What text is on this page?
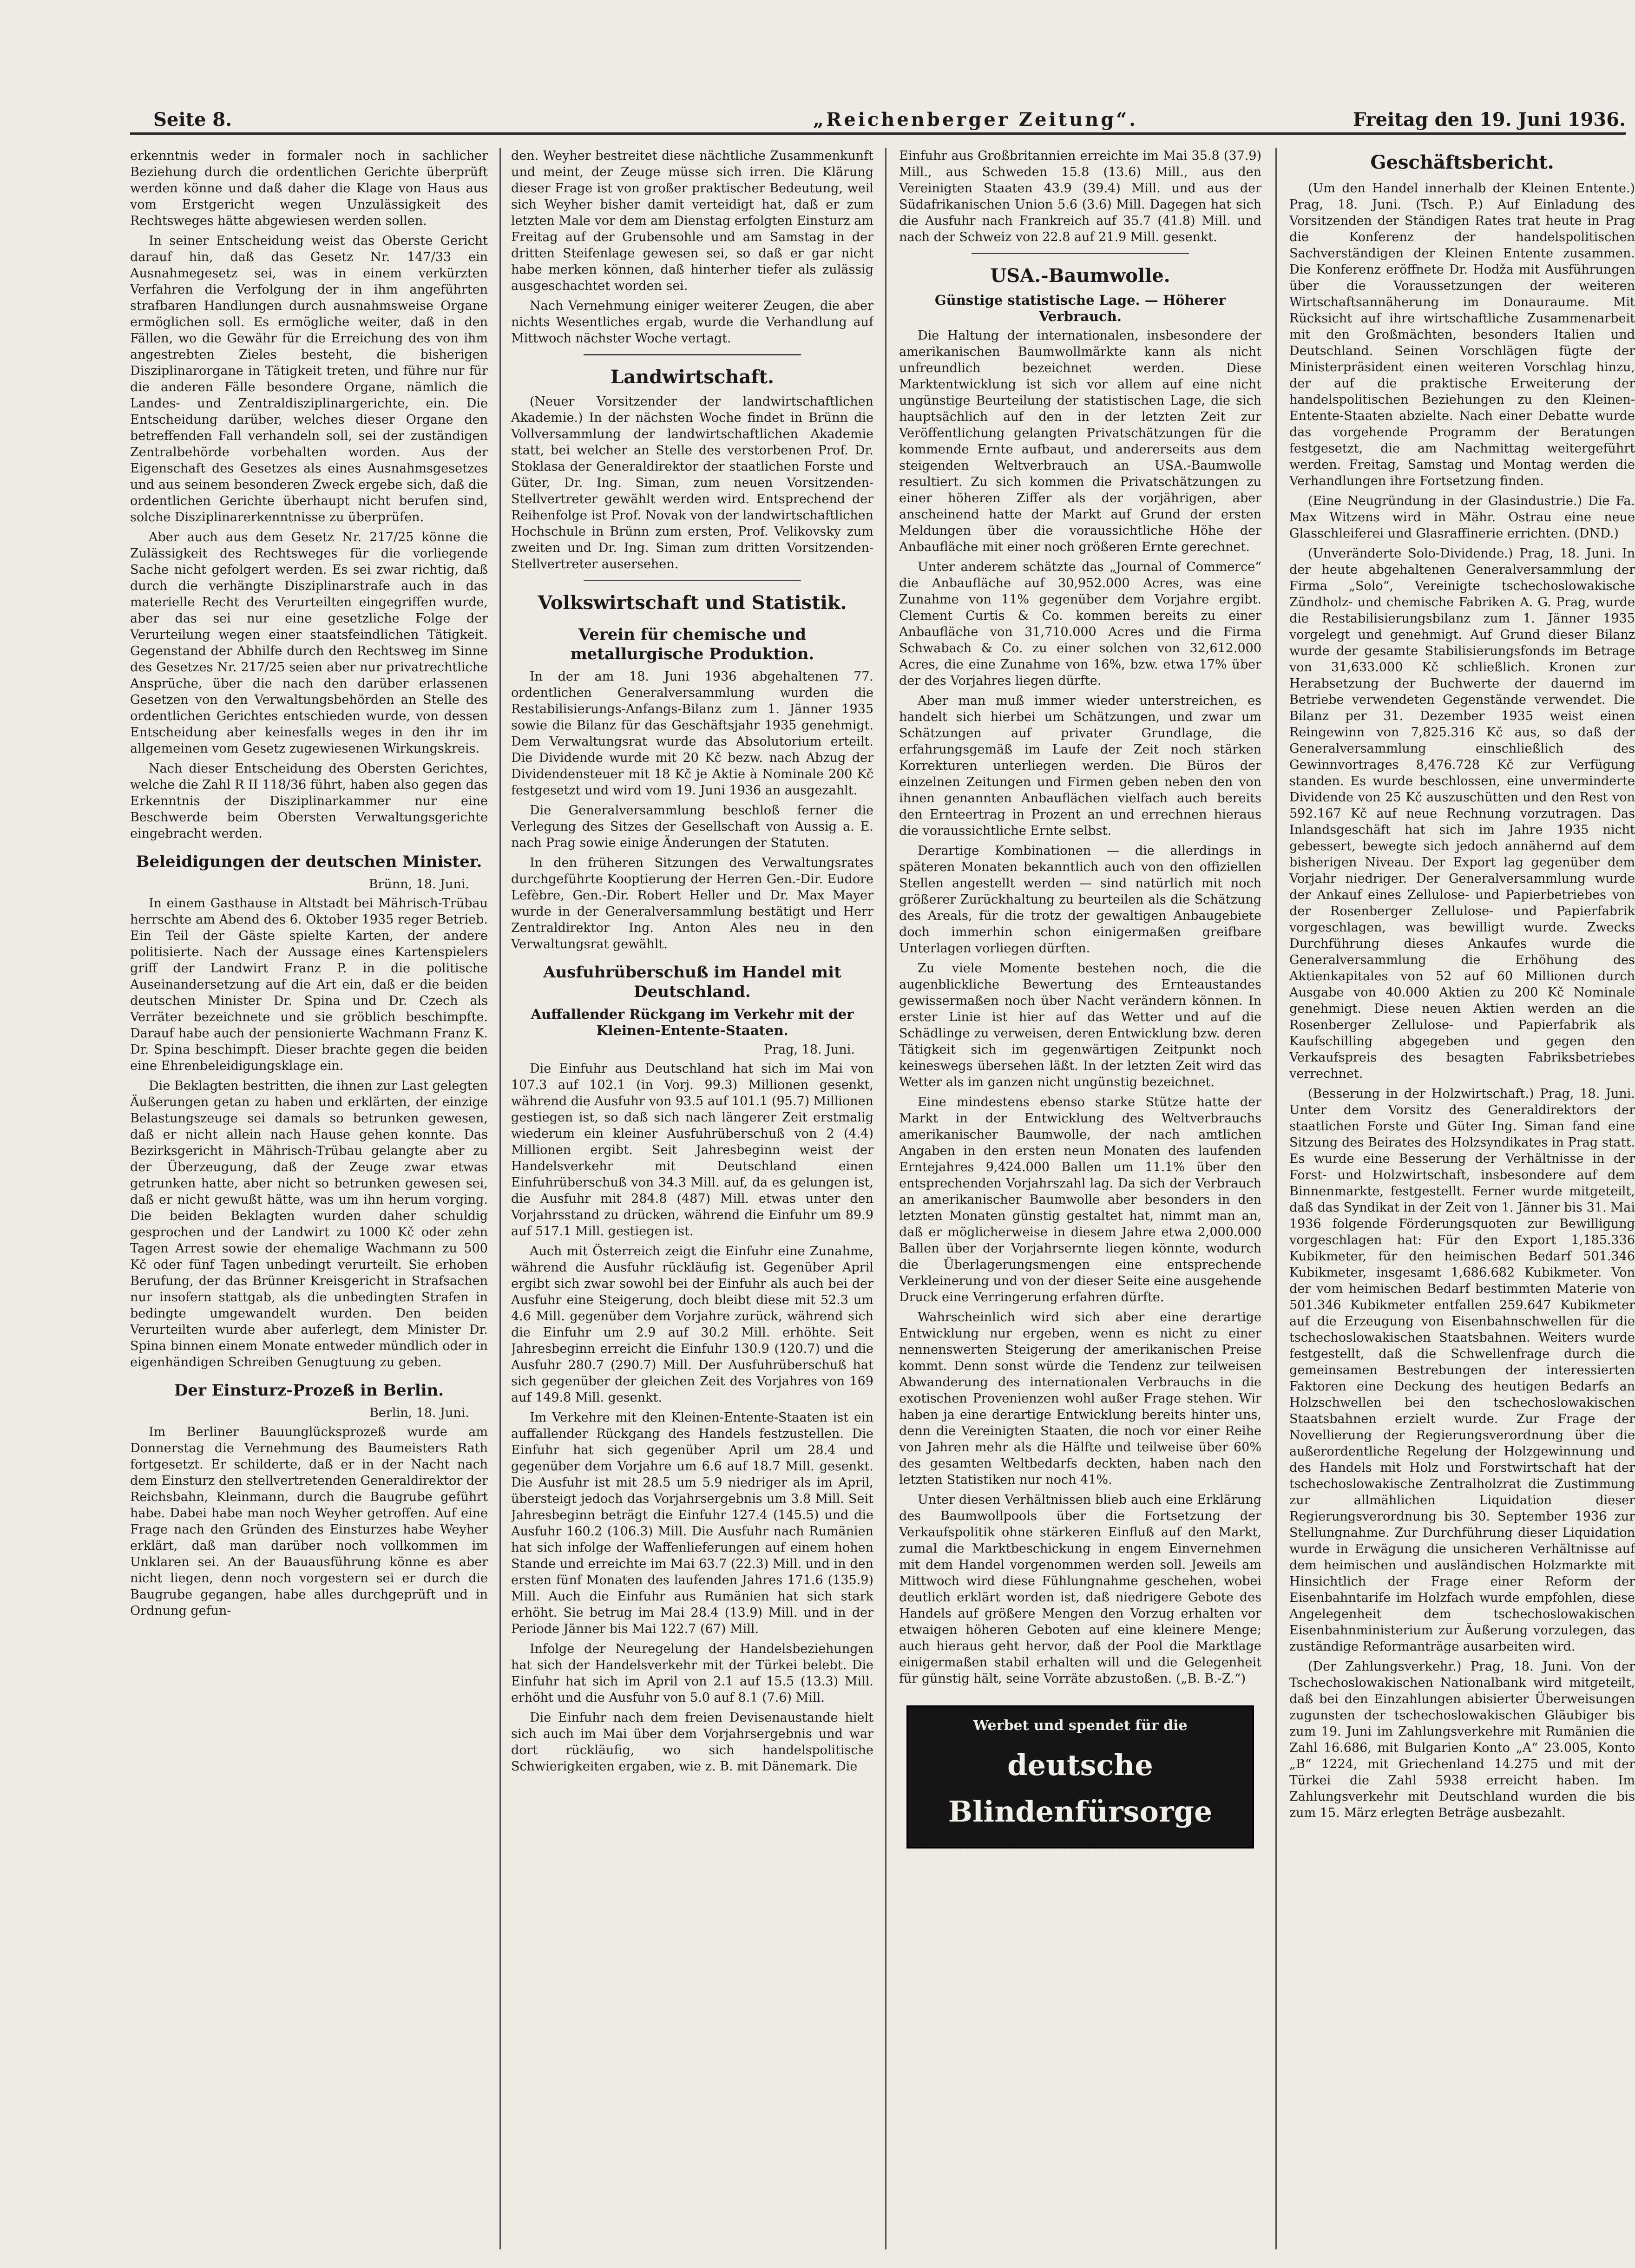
Seite 8.	„Reichenberger Zeitung“.	Freitag den 19. Juni 1936.

erkenntnis weder in formaler noch in sachlicher Beziehung durch die ordentlichen Gerichte überprüft werden könne und daß daher die Klage von Haus aus vom Erstgericht wegen Unzulässigkeit des Rechtsweges hätte abgewiesen werden sollen.

In seiner Entscheidung weist das Oberste Gericht darauf hin, daß das Gesetz Nr. 147/33 ein Ausnahmegesetz sei, was in einem verkürzten Verfahren die Verfolgung der in ihm angeführten strafbaren Handlungen durch ausnahmsweise Organe ermöglichen soll. Es ermögliche weiter, daß in den Fällen, wo die Gewähr für die Erreichung des von ihm angestrebten Zieles besteht, die bisherigen Disziplinarorgane in Tätigkeit treten, und führe nur für die anderen Fälle besondere Organe, nämlich die Landes- und Zentraldisziplinargerichte, ein. Die Entscheidung darüber, welches dieser Organe den betreffenden Fall verhandeln soll, sei der zuständigen Zentralbehörde vorbehalten worden. Aus der Eigenschaft des Gesetzes als eines Ausnahmsgesetzes und aus seinem besonderen Zweck ergebe sich, daß die ordentlichen Gerichte überhaupt nicht berufen sind, solche Disziplinarerkenntnisse zu überprüfen.

Aber auch aus dem Gesetz Nr. 217/25 könne die Zulässigkeit des Rechtsweges für die vorliegende Sache nicht gefolgert werden. Es sei zwar richtig, daß durch die verhängte Disziplinarstrafe auch in das materielle Recht des Verurteilten eingegriffen wurde, aber das sei nur eine gesetzliche Folge der Verurteilung wegen einer staatsfeindlichen Tätigkeit. Gegenstand der Abhilfe durch den Rechtsweg im Sinne des Gesetzes Nr. 217/25 seien aber nur privatrechtliche Ansprüche, über die nach den darüber erlassenen Gesetzen von den Verwaltungsbehörden an Stelle des ordentlichen Gerichtes entschieden wurde, von dessen Entscheidung aber keinesfalls weges in den ihr im allgemeinen vom Gesetz zugewiesenen Wirkungskreis.

Nach dieser Entscheidung des Obersten Gerichtes, welche die Zahl R II 118/36 führt, haben also gegen das Erkenntnis der Disziplinarkammer nur eine Beschwerde beim Obersten Verwaltungsgerichte eingebracht werden.

Beleidigungen der deutschen Minister.
Brünn, 18. Juni.

In einem Gasthause in Altstadt bei Mährisch-Trübau herrschte am Abend des 6. Oktober 1935 reger Betrieb. Ein Teil der Gäste spielte Karten, der andere politisierte. Nach der Aussage eines Kartenspielers griff der Landwirt Franz P. in die politische Auseinandersetzung auf die Art ein, daß er die beiden deutschen Minister Dr. Spina und Dr. Czech als Verräter bezeichnete und sie gröblich beschimpfte. Darauf habe auch der pensionierte Wachmann Franz K. Dr. Spina beschimpft. Dieser brachte gegen die beiden eine Ehrenbeleidigungsklage ein.

Die Beklagten bestritten, die ihnen zur Last gelegten Äußerungen getan zu haben und erklärten, der einzige Belastungszeuge sei damals so betrunken gewesen, daß er nicht allein nach Hause gehen konnte. Das Bezirksgericht in Mährisch-Trübau gelangte aber zu der Überzeugung, daß der Zeuge zwar etwas getrunken hatte, aber nicht so betrunken gewesen sei, daß er nicht gewußt hätte, was um ihn herum vorging. Die beiden Beklagten wurden daher schuldig gesprochen und der Landwirt zu 1000 Kč oder zehn Tagen Arrest sowie der ehemalige Wachmann zu 500 Kč oder fünf Tagen unbedingt verurteilt. Sie erhoben Berufung, der das Brünner Kreisgericht in Strafsachen nur insofern stattgab, als die unbedingten Strafen in bedingte umgewandelt wurden. Den beiden Verurteilten wurde aber auferlegt, dem Minister Dr. Spina binnen einem Monate entweder mündlich oder in eigenhändigen Schreiben Genugtuung zu geben.

Der Einsturz-Prozeß in Berlin.
Berlin, 18. Juni.

Im Berliner Bauunglücksprozeß wurde am Donnerstag die Vernehmung des Baumeisters Rath fortgesetzt. Er schilderte, daß er in der Nacht nach dem Einsturz den stellvertretenden Generaldirektor der Reichsbahn, Kleinmann, durch die Baugrube geführt habe. Dabei habe man noch Weyher getroffen. Auf eine Frage nach den Gründen des Einsturzes habe Weyher erklärt, daß man darüber noch vollkommen im Unklaren sei. An der Bauausführung könne es aber nicht liegen, denn noch vorgestern sei er durch die Baugrube gegangen, habe alles durchgeprüft und in Ordnung gefun-

den. Weyher bestreitet diese nächtliche Zusammenkunft und meint, der Zeuge müsse sich irren. Die Klärung dieser Frage ist von großer praktischer Bedeutung, weil sich Weyher bisher damit verteidigt hat, daß er zum letzten Male vor dem am Dienstag erfolgten Einsturz am Freitag auf der Grubensohle und am Samstag in der dritten Steifenlage gewesen sei, so daß er gar nicht habe merken können, daß hinterher tiefer als zulässig ausgeschachtet worden sei.

Nach Vernehmung einiger weiterer Zeugen, die aber nichts Wesentliches ergab, wurde die Verhandlung auf Mittwoch nächster Woche vertagt.

Landwirtschaft.

(Neuer Vorsitzender der landwirtschaftlichen Akademie.) In der nächsten Woche findet in Brünn die Vollversammlung der landwirtschaftlichen Akademie statt, bei welcher an Stelle des verstorbenen Prof. Dr. Stoklasa der Generaldirektor der staatlichen Forste und Güter, Dr. Ing. Siman, zum neuen Vorsitzenden-Stellvertreter gewählt werden wird. Entsprechend der Reihenfolge ist Prof. Novak von der landwirtschaftlichen Hochschule in Brünn zum ersten, Prof. Velikovsky zum zweiten und Dr. Ing. Siman zum dritten Vorsitzenden-Stellvertreter ausersehen.

Volkswirtschaft und Statistik.
Verein für chemische und metallurgische Produktion.

In der am 18. Juni 1936 abgehaltenen 77. ordentlichen Generalversammlung wurden die Restabilisierungs-Anfangs-Bilanz zum 1. Jänner 1935 sowie die Bilanz für das Geschäftsjahr 1935 genehmigt. Dem Verwaltungsrat wurde das Absolutorium erteilt. Die Dividende wurde mit 20 Kč bezw. nach Abzug der Dividendensteuer mit 18 Kč je Aktie à Nominale 200 Kč festgesetzt und wird vom 19. Juni 1936 an ausgezahlt.

Die Generalversammlung beschloß ferner die Verlegung des Sitzes der Gesellschaft von Aussig a. E. nach Prag sowie einige Änderungen der Statuten.

In den früheren Sitzungen des Verwaltungsrates durchgeführte Kooptierung der Herren Gen.-Dir. Eudore Lefèbre, Gen.-Dir. Robert Heller und Dr. Max Mayer wurde in der Generalversammlung bestätigt und Herr Zentraldirektor Ing. Anton Ales neu in den Verwaltungsrat gewählt.

Ausfuhrüberschuß im Handel mit Deutschland.
Auffallender Rückgang im Verkehr mit der Kleinen-Entente-Staaten.
Prag, 18. Juni.

Die Einfuhr aus Deutschland hat sich im Mai von 107.3 auf 102.1 (in Vorj. 99.3) Millionen gesenkt, während die Ausfuhr von 93.5 auf 101.1 (95.7) Millionen gestiegen ist, so daß sich nach längerer Zeit erstmalig wiederum ein kleiner Ausfuhrüberschuß von 2 (4.4) Millionen ergibt. Seit Jahresbeginn weist der Handelsverkehr mit Deutschland einen Einfuhrüberschuß von 34.3 Mill. auf, da es gelungen ist, die Ausfuhr mit 284.8 (487) Mill. etwas unter den Vorjahrsstand zu drücken, während die Einfuhr um 89.9 auf 517.1 Mill. gestiegen ist.

Auch mit Österreich zeigt die Einfuhr eine Zunahme, während die Ausfuhr rückläufig ist. Gegenüber April ergibt sich zwar sowohl bei der Einfuhr als auch bei der Ausfuhr eine Steigerung, doch bleibt diese mit 52.3 um 4.6 Mill. gegenüber dem Vorjahre zurück, während sich die Einfuhr um 2.9 auf 30.2 Mill. erhöhte. Seit Jahresbeginn erreicht die Einfuhr 130.9 (120.7) und die Ausfuhr 280.7 (290.7) Mill. Der Ausfuhrüberschuß hat sich gegenüber der gleichen Zeit des Vorjahres von 169 auf 149.8 Mill. gesenkt.

Im Verkehre mit den Kleinen-Entente-Staaten ist ein auffallender Rückgang des Handels festzustellen. Die Einfuhr hat sich gegenüber April um 28.4 und gegenüber dem Vorjahre um 6.6 auf 18.7 Mill. gesenkt. Die Ausfuhr ist mit 28.5 um 5.9 niedriger als im April, übersteigt jedoch das Vorjahrsergebnis um 3.8 Mill. Seit Jahresbeginn beträgt die Einfuhr 127.4 (145.5) und die Ausfuhr 160.2 (106.3) Mill. Die Ausfuhr nach Rumänien hat sich infolge der Waffenlieferungen auf einem hohen Stande und erreichte im Mai 63.7 (22.3) Mill. und in den ersten fünf Monaten des laufenden Jahres 171.6 (135.9) Mill. Auch die Einfuhr aus Rumänien hat sich stark erhöht. Sie betrug im Mai 28.4 (13.9) Mill. und in der Periode Jänner bis Mai 122.7 (67) Mill.

Infolge der Neuregelung der Handelsbeziehungen hat sich der Handelsverkehr mit der Türkei belebt. Die Einfuhr hat sich im April von 2.1 auf 15.5 (13.3) Mill. erhöht und die Ausfuhr von 5.0 auf 8.1 (7.6) Mill.

Die Einfuhr nach dem freien Devisenaustande hielt sich auch im Mai über dem Vorjahrsergebnis und war dort rückläufig, wo sich handelspolitische Schwierigkeiten ergaben, wie z. B. mit Dänemark. Die

Einfuhr aus Großbritannien erreichte im Mai 35.8 (37.9) Mill., aus Schweden 15.8 (13.6) Mill., aus den Vereinigten Staaten 43.9 (39.4) Mill. und aus der Südafrikanischen Union 5.6 (3.6) Mill. Dagegen hat sich die Ausfuhr nach Frankreich auf 35.7 (41.8) Mill. und nach der Schweiz von 22.8 auf 21.9 Mill. gesenkt.

USA.-Baumwolle.
Günstige statistische Lage. — Höherer Verbrauch.

Die Haltung der internationalen, insbesondere der amerikanischen Baumwollmärkte kann als nicht unfreundlich bezeichnet werden. Diese Marktentwicklung ist sich vor allem auf eine nicht ungünstige Beurteilung der statistischen Lage, die sich hauptsächlich auf den in der letzten Zeit zur Veröffentlichung gelangten Privatschätzungen für die kommende Ernte aufbaut, und andererseits aus dem steigenden Weltverbrauch an USA.-Baumwolle resultiert. Zu sich kommen die Privatschätzungen zu einer höheren Ziffer als der vorjährigen, aber anscheinend hatte der Markt auf Grund der ersten Meldungen über die voraussichtliche Höhe der Anbaufläche mit einer noch größeren Ernte gerechnet.

Unter anderem schätzte das „Journal of Commerce“ die Anbaufläche auf 30,952.000 Acres, was eine Zunahme von 11% gegenüber dem Vorjahre ergibt. Clement Curtis & Co. kommen bereits zu einer Anbaufläche von 31,710.000 Acres und die Firma Schwabach & Co. zu einer solchen von 32,612.000 Acres, die eine Zunahme von 16%, bzw. etwa 17% über der des Vorjahres liegen dürfte.

Aber man muß immer wieder unterstreichen, es handelt sich hierbei um Schätzungen, und zwar um Schätzungen auf privater Grundlage, die erfahrungsgemäß im Laufe der Zeit noch stärken Korrekturen unterliegen werden. Die Büros der einzelnen Zeitungen und Firmen geben neben den von ihnen genannten Anbauflächen vielfach auch bereits den Ernteertrag in Prozent an und errechnen hieraus die voraussichtliche Ernte selbst.

Derartige Kombinationen — die allerdings in späteren Monaten bekanntlich auch von den offiziellen Stellen angestellt werden — sind natürlich mit noch größerer Zurückhaltung zu beurteilen als die Schätzung des Areals, für die trotz der gewaltigen Anbaugebiete doch immerhin schon einigermaßen greifbare Unterlagen vorliegen dürften.

Zu viele Momente bestehen noch, die die augenblickliche Bewertung des Ernteaustandes gewissermaßen noch über Nacht verändern können. In erster Linie ist hier auf das Wetter und auf die Schädlinge zu verweisen, deren Entwicklung bzw. deren Tätigkeit sich im gegenwärtigen Zeitpunkt noch keineswegs übersehen läßt. In der letzten Zeit wird das Wetter als im ganzen nicht ungünstig bezeichnet.

Eine mindestens ebenso starke Stütze hatte der Markt in der Entwicklung des Weltverbrauchs amerikanischer Baumwolle, der nach amtlichen Angaben in den ersten neun Monaten des laufenden Erntejahres 9,424.000 Ballen um 11.1% über den entsprechenden Vorjahrszahl lag. Da sich der Verbrauch an amerikanischer Baumwolle aber besonders in den letzten Monaten günstig gestaltet hat, nimmt man an, daß er möglicherweise in diesem Jahre etwa 2,000.000 Ballen über der Vorjahrsernte liegen könnte, wodurch die Überlagerungsmengen eine entsprechende Verkleinerung und von der dieser Seite eine ausgehende Druck eine Verringerung erfahren dürfte.

Wahrscheinlich wird sich aber eine derartige Entwicklung nur ergeben, wenn es nicht zu einer nennenswerten Steigerung der amerikanischen Preise kommt. Denn sonst würde die Tendenz zur teilweisen Abwanderung des internationalen Verbrauchs in die exotischen Provenienzen wohl außer Frage stehen. Wir haben ja eine derartige Entwicklung bereits hinter uns, denn die Vereinigten Staaten, die noch vor einer Reihe von Jahren mehr als die Hälfte und teilweise über 60% des gesamten Weltbedarfs deckten, haben nach den letzten Statistiken nur noch 41%.

Unter diesen Verhältnissen blieb auch eine Erklärung des Baumwollpools über die Fortsetzung der Verkaufspolitik ohne stärkeren Einfluß auf den Markt, zumal die Marktbeschickung in engem Einvernehmen mit dem Handel vorgenommen werden soll. Jeweils am Mittwoch wird diese Fühlungnahme geschehen, wobei deutlich erklärt worden ist, daß niedrigere Gebote des Handels auf größere Mengen den Vorzug erhalten vor etwaigen höheren Geboten auf eine kleinere Menge; auch hieraus geht hervor, daß der Pool die Marktlage einigermaßen stabil erhalten will und die Gelegenheit für günstig hält, seine Vorräte abzustoßen. („B. B.-Z.“)

Werbet und spendet für die
deutsche Blindenfürsorge
Sammelstelle: Sollors'sche Buchhandlung
Geschäftsbericht.

(Um den Handel innerhalb der Kleinen Entente.) Prag, 18. Juni. (Tsch. P.) Auf Einladung des Vorsitzenden der Ständigen Rates trat heute in Prag die Konferenz der handelspolitischen Sachverständigen der Kleinen Entente zusammen. Die Konferenz eröffnete Dr. Hodža mit Ausführungen über die Voraussetzungen der weiteren Wirtschaftsannäherung im Donauraume. Mit Rücksicht auf ihre wirtschaftliche Zusammenarbeit mit den Großmächten, besonders Italien und Deutschland. Seinen Vorschlägen fügte der Ministerpräsident einen weiteren Vorschlag hinzu, der auf die praktische Erweiterung der handelspolitischen Beziehungen zu den Kleinen-Entente-Staaten abzielte. Nach einer Debatte wurde das vorgehende Programm der Beratungen festgesetzt, die am Nachmittag weitergeführt werden. Freitag, Samstag und Montag werden die Verhandlungen ihre Fortsetzung finden.

(Eine Neugründung in der Glasindustrie.) Die Fa. Max Witzens wird in Mähr. Ostrau eine neue Glasschleiferei und Glasraffinerie errichten. (DND.)

(Unveränderte Solo-Dividende.) Prag, 18. Juni. In der heute abgehaltenen Generalversammlung der Firma „Solo“, Vereinigte tschechoslowakische Zündholz- und chemische Fabriken A. G. Prag, wurde die Restabilisierungsbilanz zum 1. Jänner 1935 vorgelegt und genehmigt. Auf Grund dieser Bilanz wurde der gesamte Stabilisierungsfonds im Betrage von 31,633.000 Kč schließlich. Kronen zur Herabsetzung der Buchwerte der dauernd im Betriebe verwendeten Gegenstände verwendet. Die Bilanz per 31. Dezember 1935 weist einen Reingewinn von 7,825.316 Kč aus, so daß der Generalversammlung einschließlich des Gewinnvortrages 8,476.728 Kč zur Verfügung standen. Es wurde beschlossen, eine unverminderte Dividende von 25 Kč auszuschütten und den Rest von 592.167 Kč auf neue Rechnung vorzutragen. Das Inlandsgeschäft hat sich im Jahre 1935 nicht gebessert, bewegte sich jedoch annähernd auf dem bisherigen Niveau. Der Export lag gegenüber dem Vorjahr niedriger. Der Generalversammlung wurde der Ankauf eines Zellulose- und Papierbetriebes von der Rosenberger Zellulose- und Papierfabrik vorgeschlagen, was bewilligt wurde. Zwecks Durchführung dieses Ankaufes wurde die Generalversammlung die Erhöhung des Aktienkapitales von 52 auf 60 Millionen durch Ausgabe von 40.000 Aktien zu 200 Kč Nominale genehmigt. Diese neuen Aktien werden an die Rosenberger Zellulose- und Papierfabrik als Kaufschilling abgegeben und gegen den Verkaufspreis des besagten Fabriksbetriebes verrechnet.

(Besserung in der Holzwirtschaft.) Prag, 18. Juni. Unter dem Vorsitz des Generaldirektors der staatlichen Forste und Güter Ing. Siman fand eine Sitzung des Beirates des Holzsyndikates in Prag statt. Es wurde eine Besserung der Verhältnisse in der Forst- und Holzwirtschaft, insbesondere auf dem Binnenmarkte, festgestellt. Ferner wurde mitgeteilt, daß das Syndikat in der Zeit von 1. Jänner bis 31. Mai 1936 folgende Förderungsquoten zur Bewilligung vorgeschlagen hat: Für den Export 1,185.336 Kubikmeter, für den heimischen Bedarf 501.346 Kubikmeter, insgesamt 1,686.682 Kubikmeter. Von der vom heimischen Bedarf bestimmten Materie von 501.346 Kubikmeter entfallen 259.647 Kubikmeter auf die Erzeugung von Eisenbahnschwellen für die tschechoslowakischen Staatsbahnen. Weiters wurde festgestellt, daß die Schwellenfrage durch die gemeinsamen Bestrebungen der interessierten Faktoren eine Deckung des heutigen Bedarfs an Holzschwellen bei den tschechoslowakischen Staatsbahnen erzielt wurde. Zur Frage der Novellierung der Regierungsverordnung über die außerordentliche Regelung der Holzgewinnung und des Handels mit Holz und Forstwirtschaft hat der tschechoslowakische Zentralholzrat die Zustimmung zur allmählichen Liquidation dieser Regierungsverordnung bis 30. September 1936 zur Stellungnahme. Zur Durchführung dieser Liquidation wurde in Erwägung die unsicheren Verhältnisse auf dem heimischen und ausländischen Holzmarkte mit Hinsichtlich der Frage einer Reform der Eisenbahntarife im Holzfach wurde empfohlen, diese Angelegenheit dem tschechoslowakischen Eisenbahnministerium zur Äußerung vorzulegen, das zuständige Reformanträge ausarbeiten wird.

(Der Zahlungsverkehr.) Prag, 18. Juni. Von der Tschechoslowakischen Nationalbank wird mitgeteilt, daß bei den Einzahlungen abisierter Überweisungen zugunsten der tschechoslowakischen Gläubiger bis zum 19. Juni im Zahlungsverkehre mit Rumänien die Zahl 16.686, mit Bulgarien Konto „A“ 23.005, Konto „B“ 1224, mit Griechenland 14.275 und mit der Türkei die Zahl 5938 erreicht haben. Im Zahlungsverkehr mit Deutschland wurden die bis zum 15. März erlegten Beträge ausbezahlt.
